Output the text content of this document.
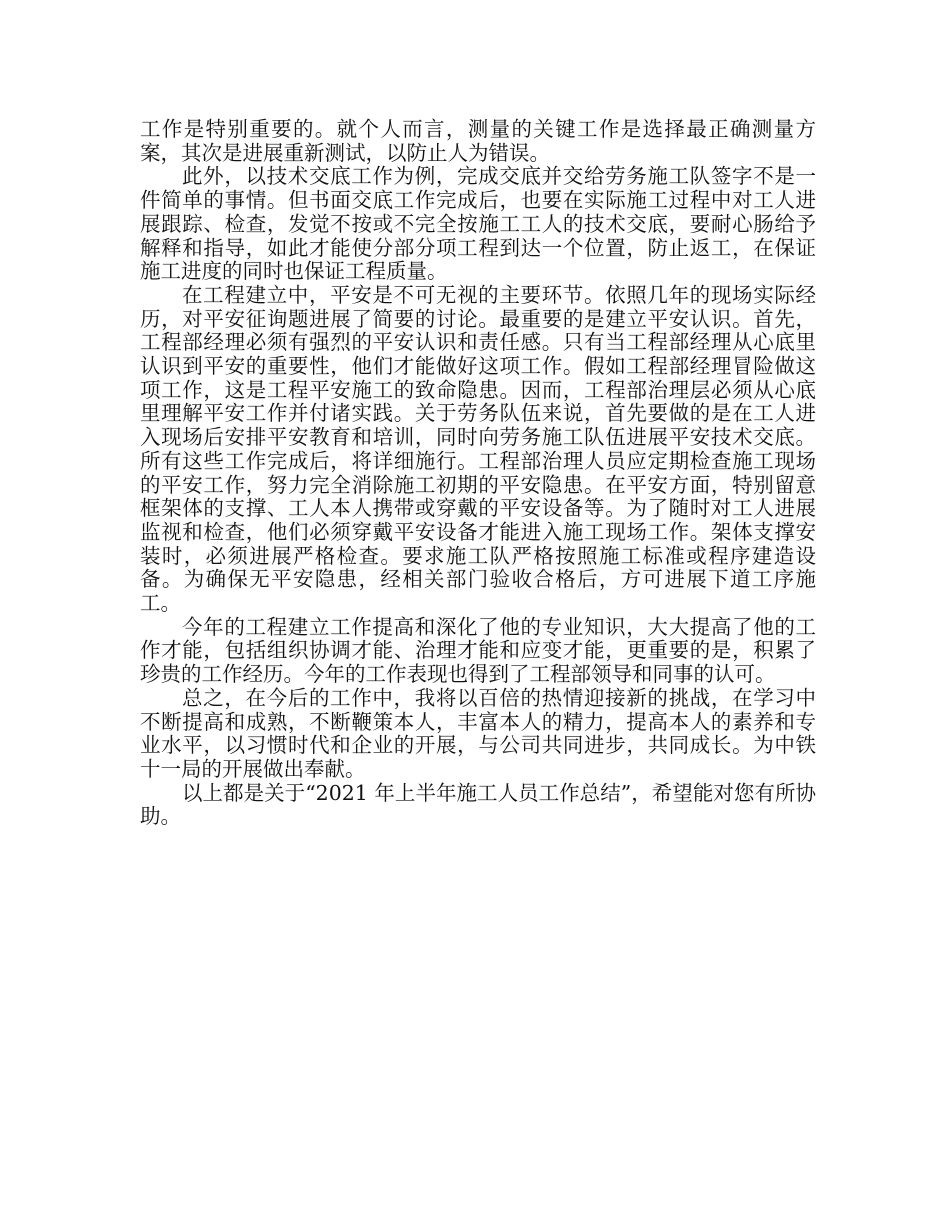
工作是特别重要的。就个人而言，测量的关键工作是选择最正确测量方案，其次是进展重新测试，以防止人为错误。

此外，以技术交底工作为例，完成交底并交给劳务施工队签字不是一件简单的事情。但书面交底工作完成后，也要在实际施工过程中对工人进展跟踪、检查，发觉不按或不完全按施工工人的技术交底，要耐心肠给予解释和指导，如此才能使分部分项工程到达一个位置，防止返工，在保证施工进度的同时也保证工程质量。

在工程建立中，平安是不可无视的主要环节。依照几年的现场实际经历，对平安征询题进展了简要的讨论。最重要的是建立平安认识。首先，工程部经理必须有强烈的平安认识和责任感。只有当工程部经理从心底里认识到平安的重要性，他们才能做好这项工作。假如工程部经理冒险做这项工作，这是工程平安施工的致命隐患。因而，工程部治理层必须从心底里理解平安工作并付诸实践。关于劳务队伍来说，首先要做的是在工人进入现场后安排平安教育和培训，同时向劳务施工队伍进展平安技术交底。所有这些工作完成后，将详细施行。工程部治理人员应定期检查施工现场的平安工作，努力完全消除施工初期的平安隐患。在平安方面，特别留意框架体的支撑、工人本人携带或穿戴的平安设备等。为了随时对工人进展监视和检查，他们必须穿戴平安设备才能进入施工现场工作。架体支撑安装时，必须进展严格检查。要求施工队严格按照施工标准或程序建造设备。为确保无平安隐患，经相关部门验收合格后，方可进展下道工序施工。

今年的工程建立工作提高和深化了他的专业知识，大大提高了他的工作才能，包括组织协调才能、治理才能和应变才能，更重要的是，积累了珍贵的工作经历。今年的工作表现也得到了工程部领导和同事的认可。

总之，在今后的工作中，我将以百倍的热情迎接新的挑战，在学习中不断提高和成熟，不断鞭策本人，丰富本人的精力，提高本人的素养和专业水平，以习惯时代和企业的开展，与公司共同进步，共同成长。为中铁十一局的开展做出奉献。

以上都是关于“2021 年上半年施工人员工作总结”，希望能对您有所协助。
